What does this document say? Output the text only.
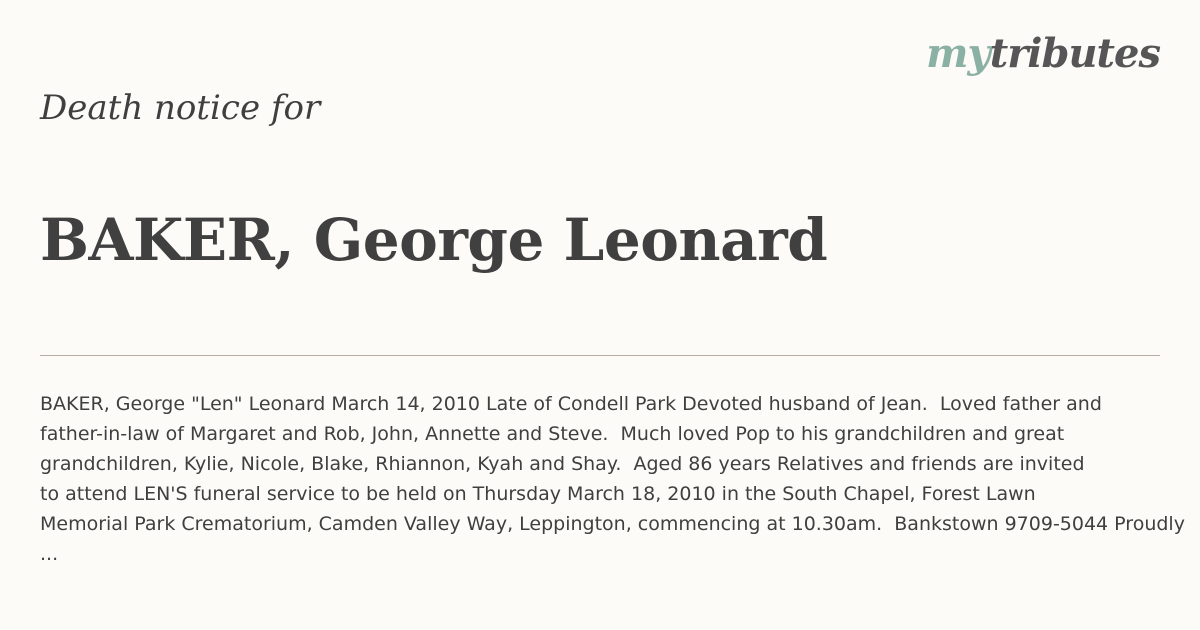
mytributes
Death notice for
BAKER, George Leonard
BAKER, George "Len" Leonard March 14, 2010 Late of Condell Park Devoted husband of Jean.  Loved father and
father-in-law of Margaret and Rob, John, Annette and Steve.  Much loved Pop to his grandchildren and great
grandchildren, Kylie, Nicole, Blake, Rhiannon, Kyah and Shay.  Aged 86 years Relatives and friends are invited
to attend LEN'S funeral service to be held on Thursday March 18, 2010 in the South Chapel, Forest Lawn
Memorial Park Crematorium, Camden Valley Way, Leppington, commencing at 10.30am.  Bankstown 9709-5044 Proudly
...
